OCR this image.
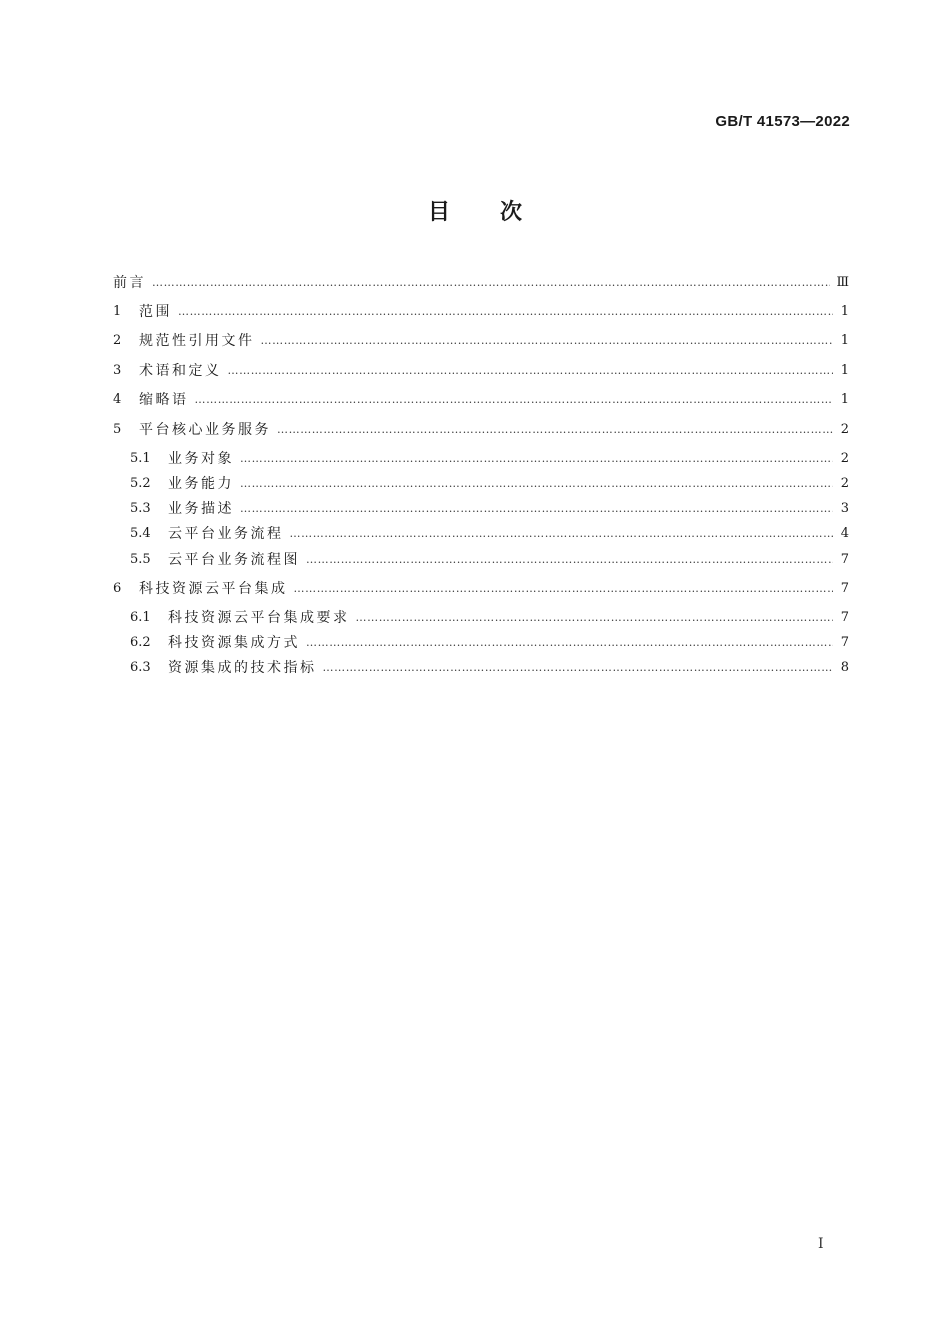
GB/T 41573—2022
目次
前言 ………………………………………………………………………………………………………………………………………………………………………………………………	Ⅲ
1	范围 ………………………………………………………………………………………………………………………………………………………………………………………………	1
2	规范性引用文件 ………………………………………………………………………………………………………………………………………………………………………………………………	1
3	术语和定义 ………………………………………………………………………………………………………………………………………………………………………………………………	1
4	缩略语 ………………………………………………………………………………………………………………………………………………………………………………………………	1
5	平台核心业务服务 ………………………………………………………………………………………………………………………………………………………………………………………………	2
5.1	业务对象 ………………………………………………………………………………………………………………………………………………………………………………………………	2
5.2	业务能力 ………………………………………………………………………………………………………………………………………………………………………………………………	2
5.3	业务描述 ………………………………………………………………………………………………………………………………………………………………………………………………	3
5.4	云平台业务流程 ………………………………………………………………………………………………………………………………………………………………………………………………	4
5.5	云平台业务流程图 ………………………………………………………………………………………………………………………………………………………………………………………………	7
6	科技资源云平台集成 ………………………………………………………………………………………………………………………………………………………………………………………………	7
6.1	科技资源云平台集成要求 ………………………………………………………………………………………………………………………………………………………………………………………………	7
6.2	科技资源集成方式 ………………………………………………………………………………………………………………………………………………………………………………………………	7
6.3	资源集成的技术指标 ………………………………………………………………………………………………………………………………………………………………………………………………	8
I
